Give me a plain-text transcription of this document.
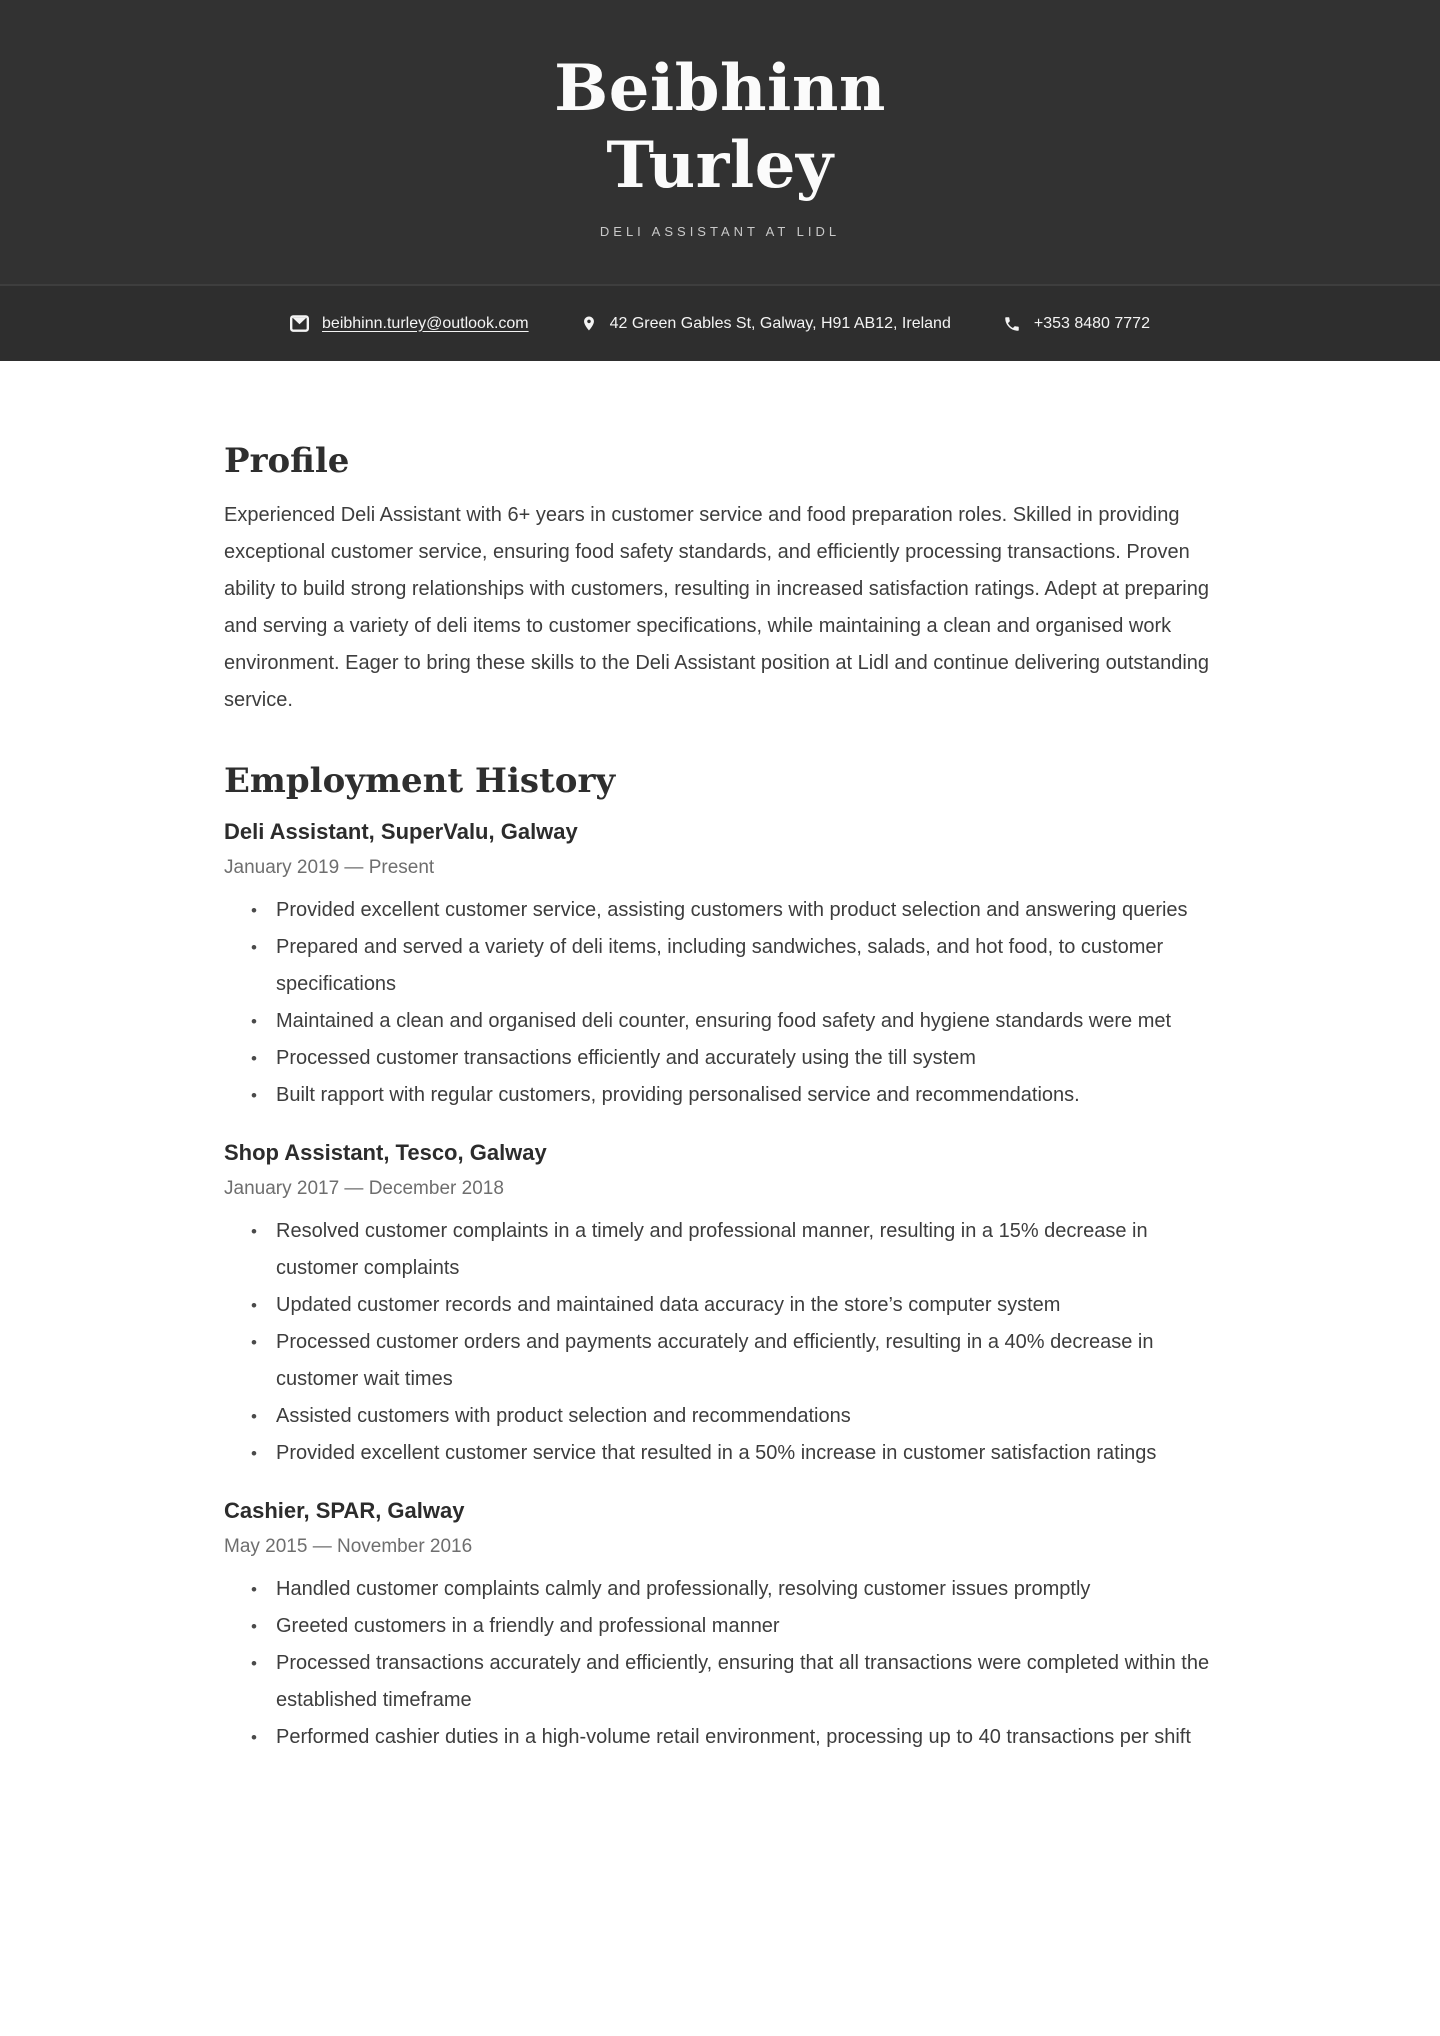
Beibhinn
Turley
DELI ASSISTANT AT LIDL
beibhinn.turley@outlook.com	42 Green Gables St, Galway, H91 AB12, Ireland	+353 8480 7772
Profile

Experienced Deli Assistant with 6+ years in customer service and food preparation roles. Skilled in providing exceptional customer service, ensuring food safety standards, and efficiently processing transactions. Proven ability to build strong relationships with customers, resulting in increased satisfaction ratings. Adept at preparing and serving a variety of deli items to customer specifications, while maintaining a clean and organised work environment. Eager to bring these skills to the Deli Assistant position at Lidl and continue delivering outstanding service.

Employment History
Deli Assistant, SuperValu, Galway
January 2019 — Present
• Provided excellent customer service, assisting customers with product selection and answering queries
• Prepared and served a variety of deli items, including sandwiches, salads, and hot food, to customer specifications
• Maintained a clean and organised deli counter, ensuring food safety and hygiene standards were met
• Processed customer transactions efficiently and accurately using the till system
• Built rapport with regular customers, providing personalised service and recommendations.
Shop Assistant, Tesco, Galway
January 2017 — December 2018
• Resolved customer complaints in a timely and professional manner, resulting in a 15% decrease in customer complaints
• Updated customer records and maintained data accuracy in the store’s computer system
• Processed customer orders and payments accurately and efficiently, resulting in a 40% decrease in customer wait times
• Assisted customers with product selection and recommendations
• Provided excellent customer service that resulted in a 50% increase in customer satisfaction ratings
Cashier, SPAR, Galway
May 2015 — November 2016
• Handled customer complaints calmly and professionally, resolving customer issues promptly
• Greeted customers in a friendly and professional manner
• Processed transactions accurately and efficiently, ensuring that all transactions were completed within the established timeframe
• Performed cashier duties in a high-volume retail environment, processing up to 40 transactions per shift
